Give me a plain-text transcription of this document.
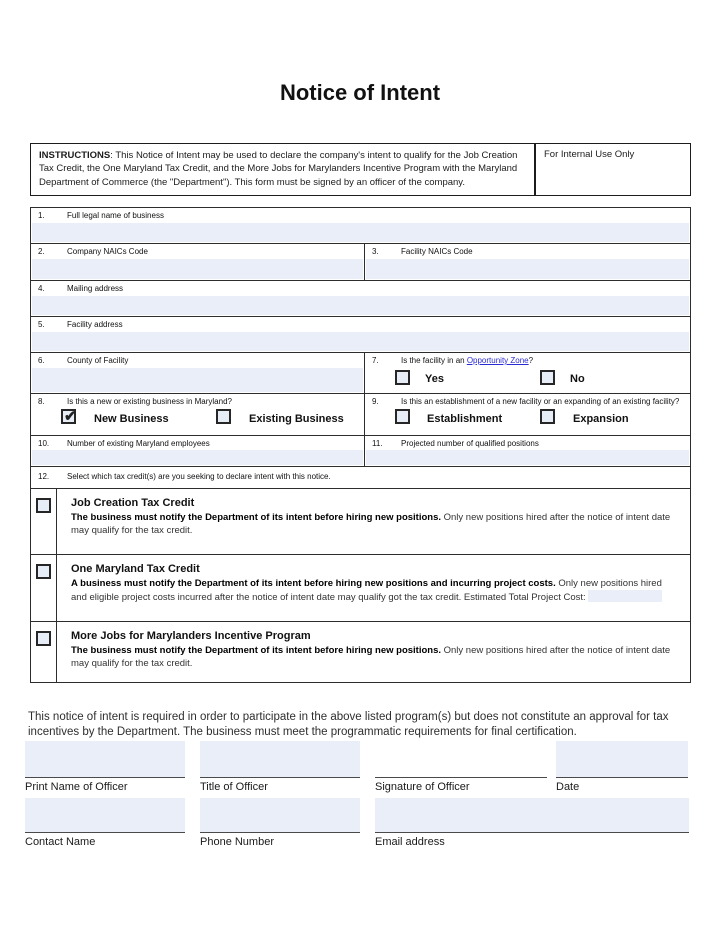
Notice of Intent
INSTRUCTIONS: This Notice of Intent may be used to declare the company's intent to qualify for the Job Creation Tax Credit, the One Maryland Tax Credit, and the More Jobs for Marylanders Incentive Program with the Maryland Department of Commerce (the "Department"). This form must be signed by an officer of the company.
For Internal Use Only
1.	Full legal name of business
2.	Company NAICs Code	3.	Facility NAICs Code
4.	Mailing address
5.	Facility address
6.	County of Facility	7.	Is the facility in an Opportunity Zone?
Yes	No
8.	Is this a new or existing business in Maryland?
✔ New Business	Existing Business
9.	Is this an establishment of a new facility or an expanding of an existing facility?
Establishment	Expansion
10.	Number of existing Maryland employees	11.	Projected number of qualified positions
12.	Select which tax credit(s) are you seeking to declare intent with this notice.
Job Creation Tax Credit
The business must notify the Department of its intent before hiring new positions. Only new positions hired after the notice of intent date may qualify for the tax credit.
One Maryland Tax Credit
A business must notify the Department of its intent before hiring new positions and incurring project costs. Only new positions hired and eligible project costs incurred after the notice of intent date may qualify got the tax credit. Estimated Total Project Cost:
More Jobs for Marylanders Incentive Program
The business must notify the Department of its intent before hiring new positions. Only new positions hired after the notice of intent date may qualify for the tax credit.
This notice of intent is required in order to participate in the above listed program(s) but does not constitute an approval for tax incentives by the Department. The business must meet the programmatic requirements for final certification.
Print Name of Officer	Title of Officer	Signature of Officer	Date
Contact Name	Phone Number	Email address
